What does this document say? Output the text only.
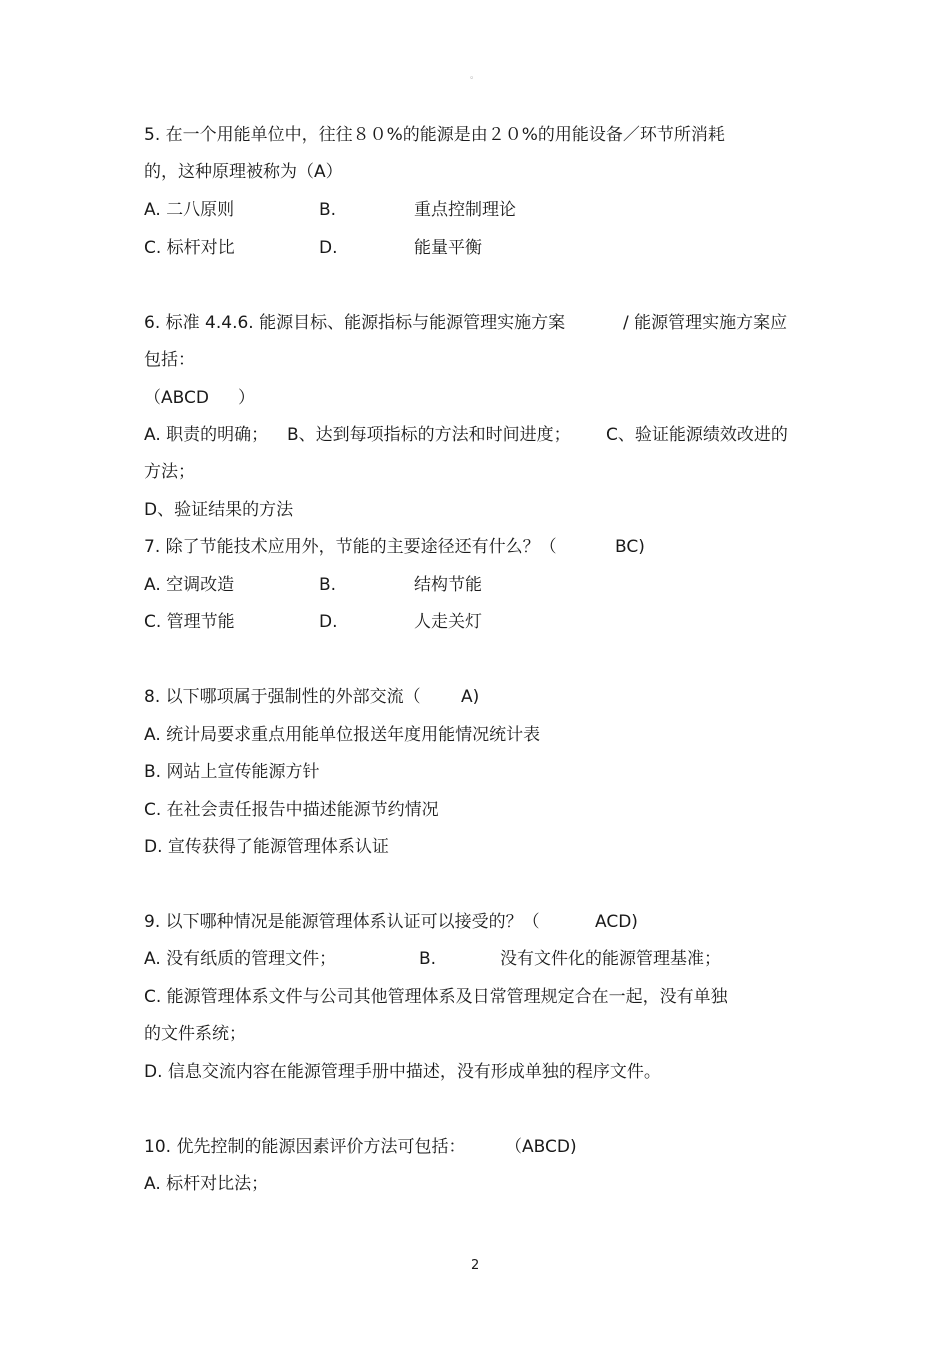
。
5. 在一个用能单位中，往往８０%的能源是由２０%的用能设备／环节所消耗
的，这种原理被称为（A）
A. 二八原则	B.	重点控制理论
C. 标杆对比	D.	能量平衡
6. 标准 4.4.6. 能源目标、能源指标与能源管理实施方案	/ 能源管理实施方案应
包括：
（ABCD ）
A. 职责的明确； B、达到每项指标的方法和时间进度； C、验证能源绩效改进的
方法；
D、验证结果的方法
7. 除了节能技术应用外，节能的主要途径还有什么？（	BC)
A. 空调改造	B.	结构节能
C. 管理节能	D.	人走关灯
8. 以下哪项属于强制性的外部交流（ A)
A. 统计局要求重点用能单位报送年度用能情况统计表
B. 网站上宣传能源方针
C. 在社会责任报告中描述能源节约情况
D. 宣传获得了能源管理体系认证
9. 以下哪种情况是能源管理体系认证可以接受的？（	ACD)
A. 没有纸质的管理文件；	B.	没有文件化的能源管理基准；
C. 能源管理体系文件与公司其他管理体系及日常管理规定合在一起，没有单独
的文件系统；
D. 信息交流内容在能源管理手册中描述，没有形成单独的程序文件。
10. 优先控制的能源因素评价方法可包括： （ABCD)
A. 标杆对比法；
2
